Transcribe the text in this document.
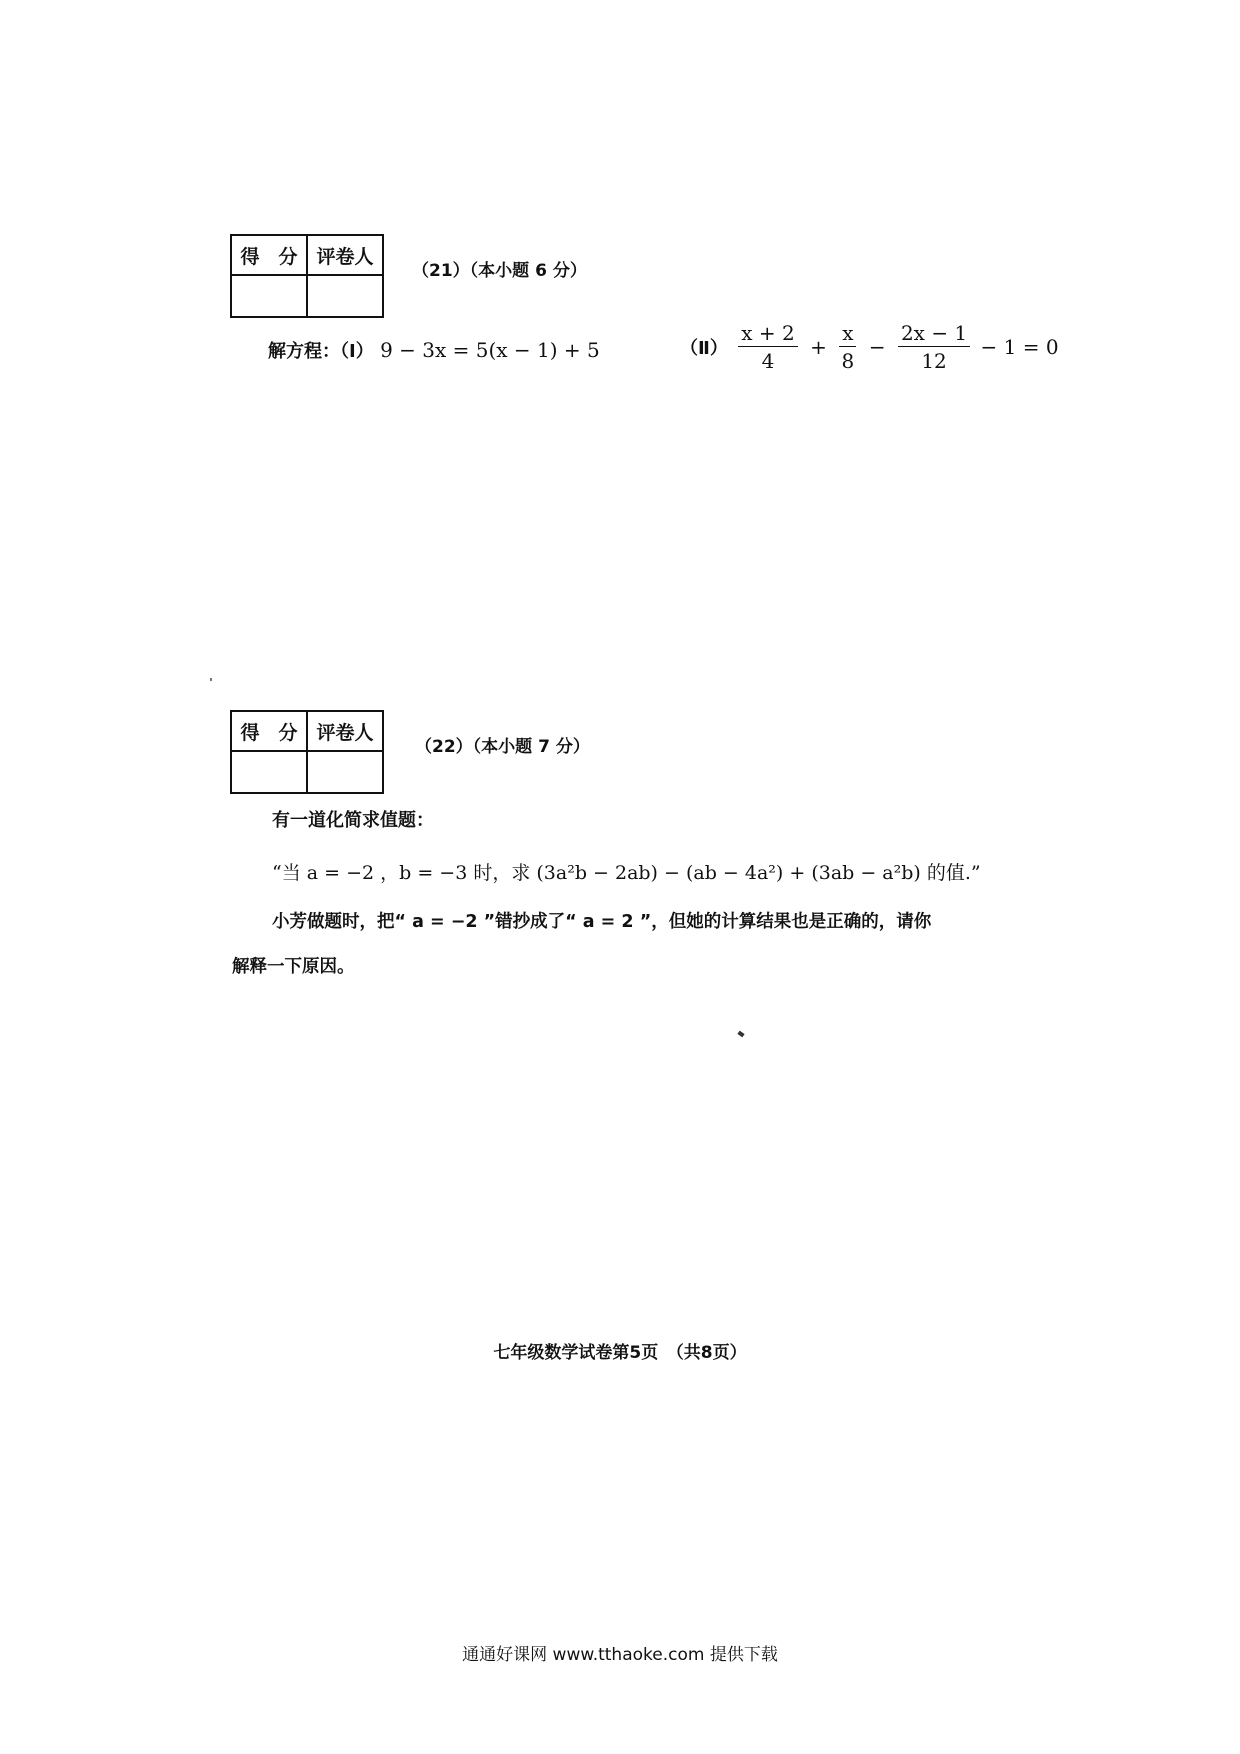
得　分	评卷人

（21）（本小题 6 分）
解方程：（Ⅰ） 9 − 3x = 5(x − 1) + 5	（Ⅱ） $\frac{x + 2}{4} + \frac{x}{8} - \frac{2x - 1}{12} - 1 = 0$
得　分	评卷人

（22）（本小题 7 分）
有一道化简求值题：
“当 a = −2 ，b = −3 时，求 (3a²b − 2ab) − (ab − 4a²) + (3ab − a²b) 的值.”
小芳做题时，把“ a = −2 ”错抄成了“ a = 2 ”，但她的计算结果也是正确的，请你
解释一下原因。
七年级数学试卷第5页　（共8页）
通通好课网 www.tthaoke.com 提供下载
